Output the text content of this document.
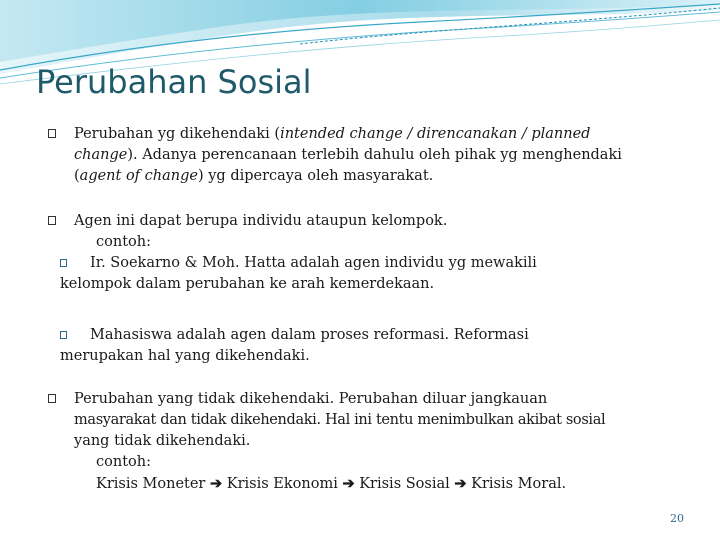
Perubahan Sosial
Perubahan yg dikehendaki (intended change / direncanakan / planned
change). Adanya perencanaan terlebih dahulu oleh pihak yg menghendaki
(agent of change) yg dipercaya oleh masyarakat.
Agen ini dapat berupa individu ataupun kelompok.
contoh:
Ir. Soekarno & Moh. Hatta adalah agen individu yg mewakili
kelompok dalam perubahan ke arah kemerdekaan.
Mahasiswa adalah agen dalam proses reformasi. Reformasi
merupakan hal yang dikehendaki.
Perubahan yang tidak dikehendaki. Perubahan diluar jangkauan
masyarakat dan tidak dikehendaki. Hal ini tentu menimbulkan akibat sosial
yang tidak dikehendaki.
contoh:
Krisis Moneter ➔ Krisis Ekonomi ➔ Krisis Sosial ➔ Krisis Moral.
20
